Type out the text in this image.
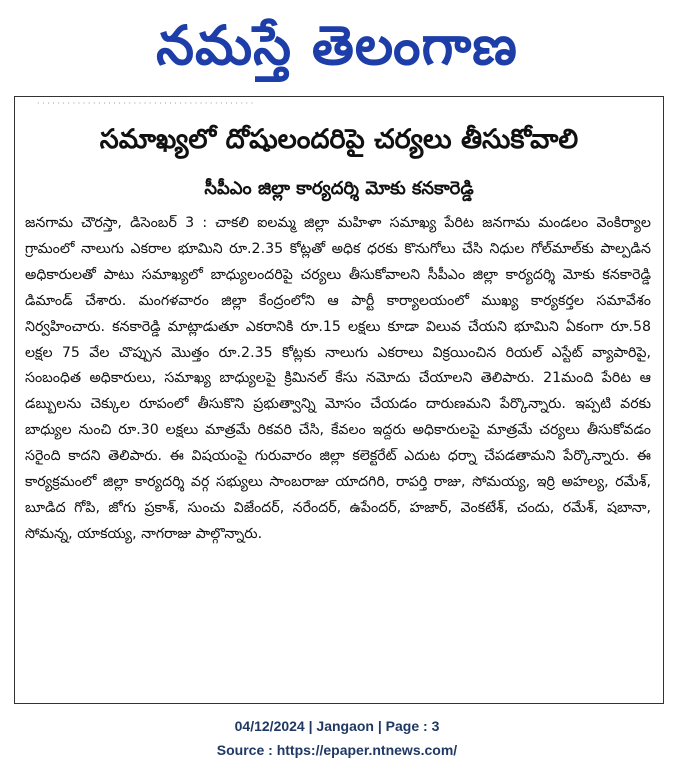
నమస్తే తెలంగాణ
· · · · · · · · · · · · · · · · · · · · · · · · · · · · · · · · · · · · · · · · · · ·
సమాఖ్యలో దోషులందరిపై చర్యలు తీసుకోవాలి
సీపీఎం జిల్లా కార్యదర్శి మోకు కనకారెడ్డి
జనగామ చౌరస్తా, డిసెంబర్ 3 : చాకలి ఐలమ్మ జిల్లా మహిళా సమాఖ్య పేరిట జనగామ మండలం వెంకిర్యాల గ్రామంలో నాలుగు ఎకరాల భూమిని రూ.2.35 కోట్లతో అధిక ధరకు కొనుగోలు చేసి నిధుల గోల్‌మాల్‌కు పాల్పడిన అధికారులతో పాటు సమాఖ్యలో బాధ్యులందరిపై చర్యలు తీసుకోవాలని సీపీఎం జిల్లా కార్యదర్శి మోకు కనకారెడ్డి డిమాండ్ చేశారు. మంగళవారం జిల్లా కేంద్రంలోని ఆ పార్టీ కార్యాలయంలో ముఖ్య కార్యకర్తల సమావేశం నిర్వహించారు. కనకారెడ్డి మాట్లాడుతూ ఎకరానికి రూ.15 లక్షలు కూడా విలువ చేయని భూమిని ఏకంగా రూ.58 లక్షల 75 వేల చొప్పున మొత్తం రూ.2.35 కోట్లకు నాలుగు ఎకరాలు విక్రయించిన రియల్ ఎస్టేట్ వ్యాపారిపై, సంబంధిత అధికారులు, సమాఖ్య బాధ్యులపై క్రిమినల్ కేసు నమోదు చేయాలని తెలిపారు. 21మంది పేరిట ఆ డబ్బులను చెక్కుల రూపంలో తీసుకొని ప్రభుత్వాన్ని మోసం చేయడం దారుణమని పేర్కొన్నారు. ఇప్పటి వరకు బాధ్యుల నుంచి రూ.30 లక్షలు మాత్రమే రికవరి చేసి, కేవలం ఇద్దరు అధికారులపై మాత్రమే చర్యలు తీసుకోవడం సరైంది కాదని తెలిపారు. ఈ విషయంపై గురువారం జిల్లా కలెక్టరేట్ ఎదుట ధర్నా చేపడతామని పేర్కొన్నారు. ఈ కార్యక్రమంలో జిల్లా కార్యదర్శి వర్గ సభ్యులు సాంబరాజు యాదగిరి, రాపర్తి రాజు, సోమయ్య, ఇర్రి అహల్య, రమేశ్, బూడిద గోపి, జోగు ప్రకాశ్, సుంచు విజేందర్, నరేందర్, ఉపేందర్, హజార్, వెంకటేశ్, చందు, రమేశ్, షబానా, సోమన్న, యాకయ్య, నాగరాజు పాల్గొన్నారు.
04/12/2024 | Jangaon | Page : 3
Source : https://epaper.ntnews.com/
